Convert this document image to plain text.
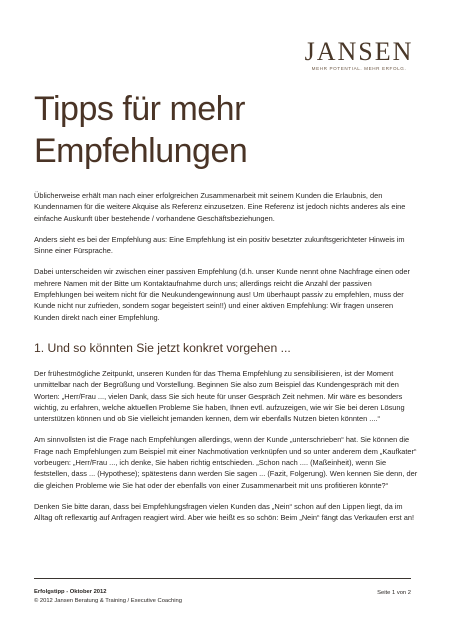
JANSEN
MEHR POTENTIAL. MEHR ERFOLG.
Tipps für mehr
Empfehlungen

Üblicherweise erhält man nach einer erfolgreichen Zusammenarbeit mit seinem Kunden die Erlaubnis, den Kundennamen für die weitere Akquise als Referenz einzusetzen. Eine Referenz ist jedoch nichts anderes als eine einfache Auskunft über bestehende / vorhandene Geschäftsbeziehungen.

Anders sieht es bei der Empfehlung aus: Eine Empfehlung ist ein positiv besetzter zukunftsgerichteter Hinweis im Sinne einer Fürsprache.

Dabei unterscheiden wir zwischen einer passiven Empfehlung (d.h. unser Kunde nennt ohne Nachfrage einen oder mehrere Namen mit der Bitte um Kontaktaufnahme durch uns; allerdings reicht die Anzahl der passiven Empfehlungen bei weitem nicht für die Neukundengewinnung aus! Um überhaupt passiv zu empfehlen, muss der Kunde nicht nur zufrieden, sondern sogar begeistert sein!!) und einer aktiven Empfehlung: Wir fragen unseren Kunden direkt nach einer Empfehlung.

1. Und so könnten Sie jetzt konkret vorgehen ...

Der frühestmögliche Zeitpunkt, unseren Kunden für das Thema Empfehlung zu sensibilisieren, ist der Moment unmittelbar nach der Begrüßung und Vorstellung. Beginnen Sie also zum Beispiel das Kundengespräch mit den Worten: „Herr/Frau ..., vielen Dank, dass Sie sich heute für unser Gespräch Zeit nehmen. Mir wäre es besonders wichtig, zu erfahren, welche aktuellen Probleme Sie haben, Ihnen evtl. aufzuzeigen, wie wir Sie bei deren Lösung unterstützen können und ob Sie vielleicht jemanden kennen, dem wir ebenfalls Nutzen bieten könnten ....“

Am sinnvollsten ist die Frage nach Empfehlungen allerdings, wenn der Kunde „unterschrieben“ hat. Sie können die Frage nach Empfehlungen zum Beispiel mit einer Nachmotivation verknüpfen und so unter anderem dem „Kaufkater“ vorbeugen: „Herr/Frau ..., ich denke, Sie haben richtig entschieden. „Schon nach .... (Maßeinheit), wenn Sie feststellen, dass ... (Hypothese); spätestens dann werden Sie sagen ... (Fazit, Folgerung). Wen kennen Sie denn, der die gleichen Probleme wie Sie hat oder der ebenfalls von einer Zusammenarbeit mit uns profitieren könnte?“

Denken Sie bitte daran, dass bei Empfehlungsfragen vielen Kunden das „Nein“ schon auf den Lippen liegt, da im Alltag oft reflexartig auf Anfragen reagiert wird. Aber wie heißt es so schön: Beim „Nein“ fängt das Verkaufen erst an!

Erfolgstipp - Oktober 2012
© 2012 Jansen Beratung & Training / Executive Coaching
Seite 1 von 2
